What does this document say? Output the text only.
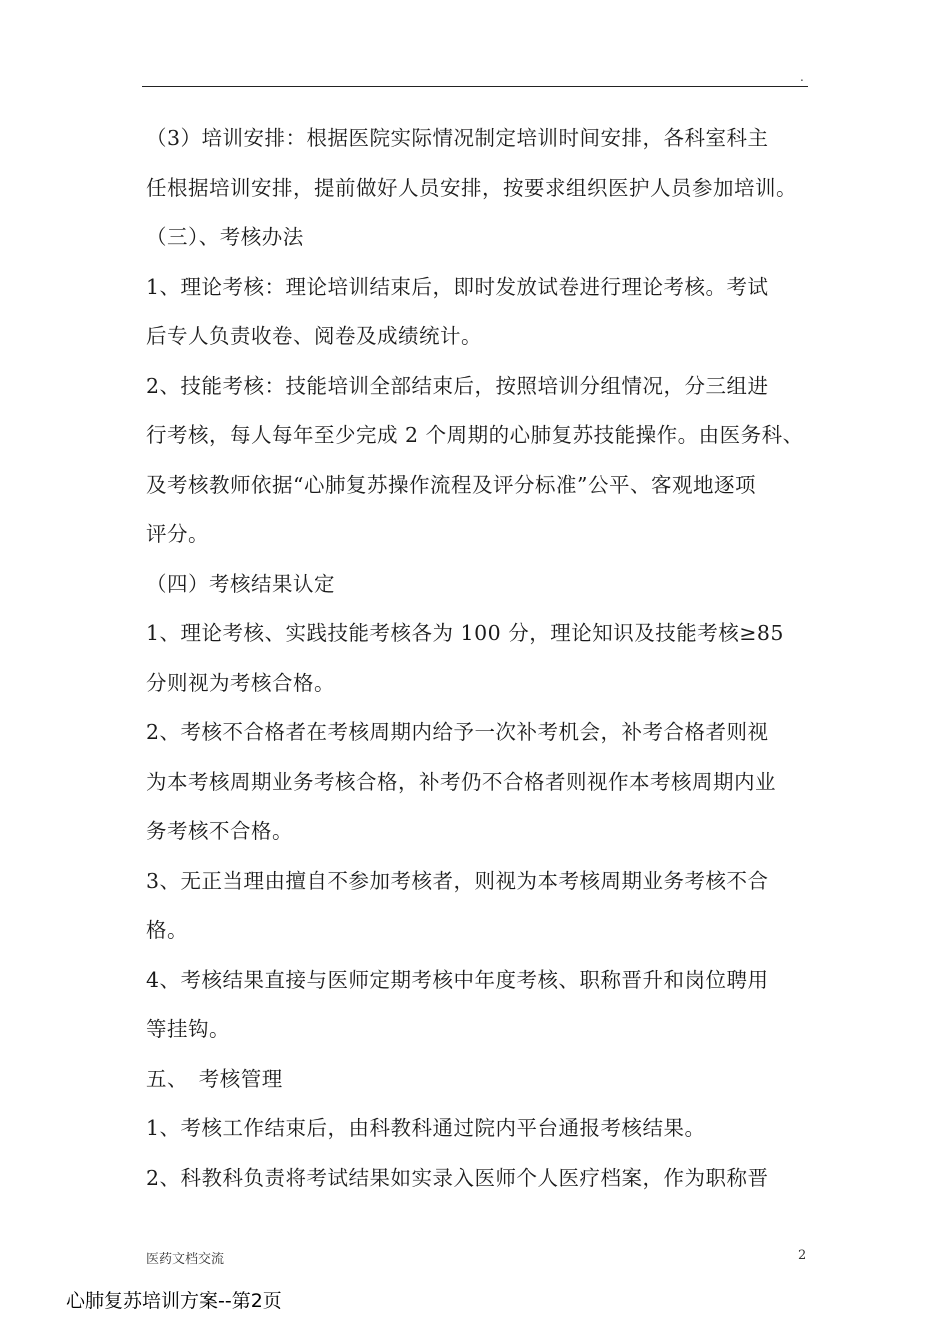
.

（3）培训安排：根据医院实际情况制定培训时间安排，各科室科主

任根据培训安排，提前做好人员安排，按要求组织医护人员参加培训。

（三）、考核办法

1、理论考核：理论培训结束后，即时发放试卷进行理论考核。考试

后专人负责收卷、阅卷及成绩统计。

2、技能考核：技能培训全部结束后，按照培训分组情况，分三组进

行考核，每人每年至少完成 2 个周期的心肺复苏技能操作。由医务科、

及考核教师依据“心肺复苏操作流程及评分标准”公平、客观地逐项

评分。

（四）考核结果认定

1、理论考核、实践技能考核各为 100 分，理论知识及技能考核≥85

分则视为考核合格。

2、考核不合格者在考核周期内给予一次补考机会，补考合格者则视

为本考核周期业务考核合格，补考仍不合格者则视作本考核周期内业

务考核不合格。

3、无正当理由擅自不参加考核者，则视为本考核周期业务考核不合

格。

4、考核结果直接与医师定期考核中年度考核、职称晋升和岗位聘用

等挂钩。

五、　考核管理

1、考核工作结束后，由科教科通过院内平台通报考核结果。

2、科教科负责将考试结果如实录入医师个人医疗档案，作为职称晋

医药文档交流	2
心肺复苏培训方案--第2页
